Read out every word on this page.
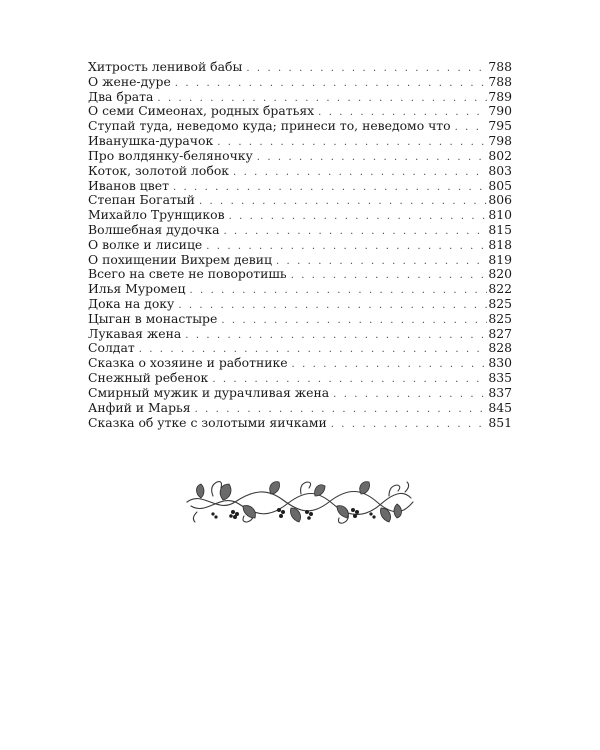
Хитрость ленивой бабы . . .	788
О жене-дуре . . .	788
Два брата . . .	789
О семи Симеонах, родных братьях . . .	790
Ступай туда, неведомо куда; принеси то, неведомо что . . .	795
Иванушка-дурачок . . .	798
Про волдянку-беляночку . . .	802
Коток, золотой лобок . . .	803
Иванов цвет . . .	805
Степан Богатый . . .	806
Михайло Трунщиков . . .	810
Волшебная дудочка . . .	815
О волке и лисице . . .	818
О похищении Вихрем девиц . . .	819
Всего на свете не поворотишь . . .	820
Илья Муромец . . .	822
Дока на доку . . .	825
Цыган в монастыре . . .	825
Лукавая жена . . .	827
Солдат . . .	828
Сказка о хозяине и работнике . . .	830
Снежный ребенок . . .	835
Смирный мужик и дурачливая жена . . .	837
Анфий и Марья . . .	845
Сказка об утке с золотыми яичками . . .	851
